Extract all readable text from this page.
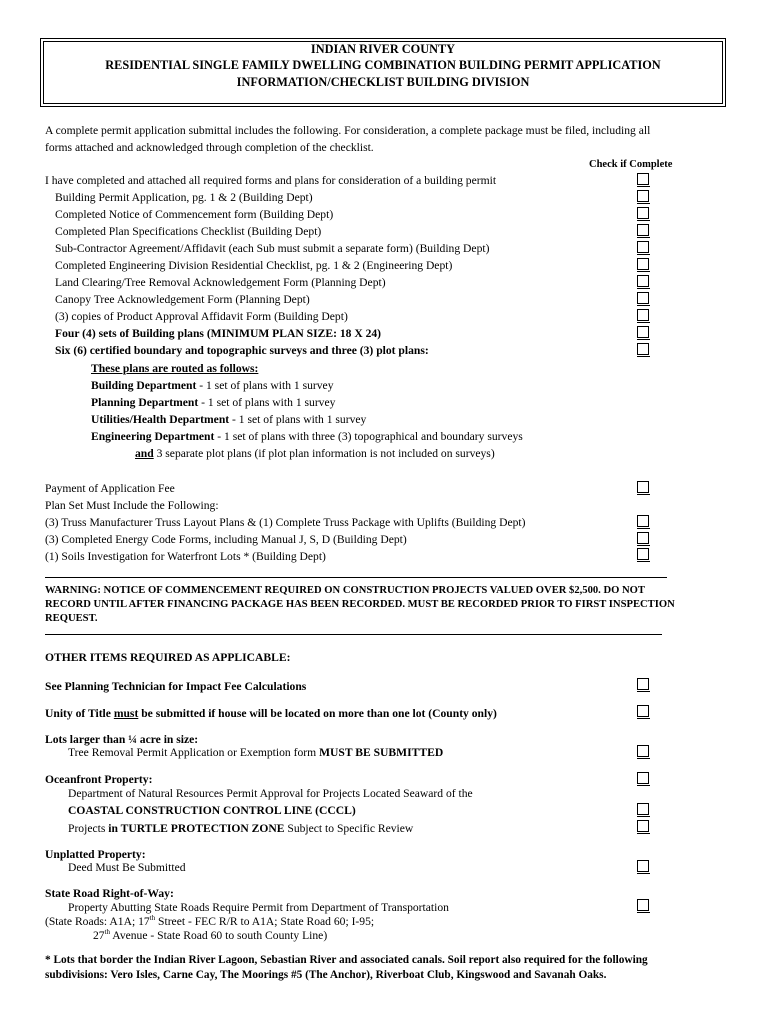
INDIAN RIVER COUNTY
RESIDENTIAL SINGLE FAMILY DWELLING COMBINATION BUILDING PERMIT APPLICATION
INFORMATION/CHECKLIST BUILDING DIVISION
A complete permit application submittal includes the following. For consideration, a complete package must be filed, including all
forms attached and acknowledged through completion of the checklist.
Check if Complete
I have completed and attached all required forms and plans for consideration of a building permit
Building Permit Application, pg. 1 & 2 (Building Dept)
Completed Notice of Commencement form (Building Dept)
Completed Plan Specifications Checklist (Building Dept)
Sub-Contractor Agreement/Affidavit (each Sub must submit a separate form) (Building Dept)
Completed Engineering Division Residential Checklist, pg. 1 & 2 (Engineering Dept)
Land Clearing/Tree Removal Acknowledgement Form (Planning Dept)
Canopy Tree Acknowledgement Form (Planning Dept)
(3) copies of Product Approval Affidavit Form (Building Dept)
Four (4) sets of Building plans (MINIMUM PLAN SIZE: 18 X 24)
Six (6) certified boundary and topographic surveys and three (3) plot plans:
These plans are routed as follows:
Building Department - 1 set of plans with 1 survey
Planning Department - 1 set of plans with 1 survey
Utilities/Health Department - 1 set of plans with 1 survey
Engineering Department - 1 set of plans with three (3) topographical and boundary surveys
and 3 separate plot plans (if plot plan information is not included on surveys)
Payment of Application Fee
Plan Set Must Include the Following:
(3) Truss Manufacturer Truss Layout Plans & (1) Complete Truss Package with Uplifts (Building Dept)
(3) Completed Energy Code Forms, including Manual J, S, D (Building Dept)
(1) Soils Investigation for Waterfront Lots * (Building Dept)
WARNING: NOTICE OF COMMENCEMENT REQUIRED ON CONSTRUCTION PROJECTS VALUED OVER $2,500. DO NOT
RECORD UNTIL AFTER FINANCING PACKAGE HAS BEEN RECORDED. MUST BE RECORDED PRIOR TO FIRST INSPECTION
REQUEST.
OTHER ITEMS REQUIRED AS APPLICABLE:
See Planning Technician for Impact Fee Calculations
Unity of Title must be submitted if house will be located on more than one lot (County only)
Lots larger than ¼ acre in size:
Tree Removal Permit Application or Exemption form MUST BE SUBMITTED
Oceanfront Property:
Department of Natural Resources Permit Approval for Projects Located Seaward of the
COASTAL CONSTRUCTION CONTROL LINE (CCCL)
Projects in TURTLE PROTECTION ZONE Subject to Specific Review
Unplatted Property:
Deed Must Be Submitted
State Road Right-of-Way:
Property Abutting State Roads Require Permit from Department of Transportation
(State Roads: A1A; 17th Street - FEC R/R to A1A; State Road 60; I-95;
27th Avenue - State Road 60 to south County Line)
* Lots that border the Indian River Lagoon, Sebastian River and associated canals. Soil report also required for the following
subdivisions: Vero Isles, Carne Cay, The Moorings #5 (The Anchor), Riverboat Club, Kingswood and Savanah Oaks.
